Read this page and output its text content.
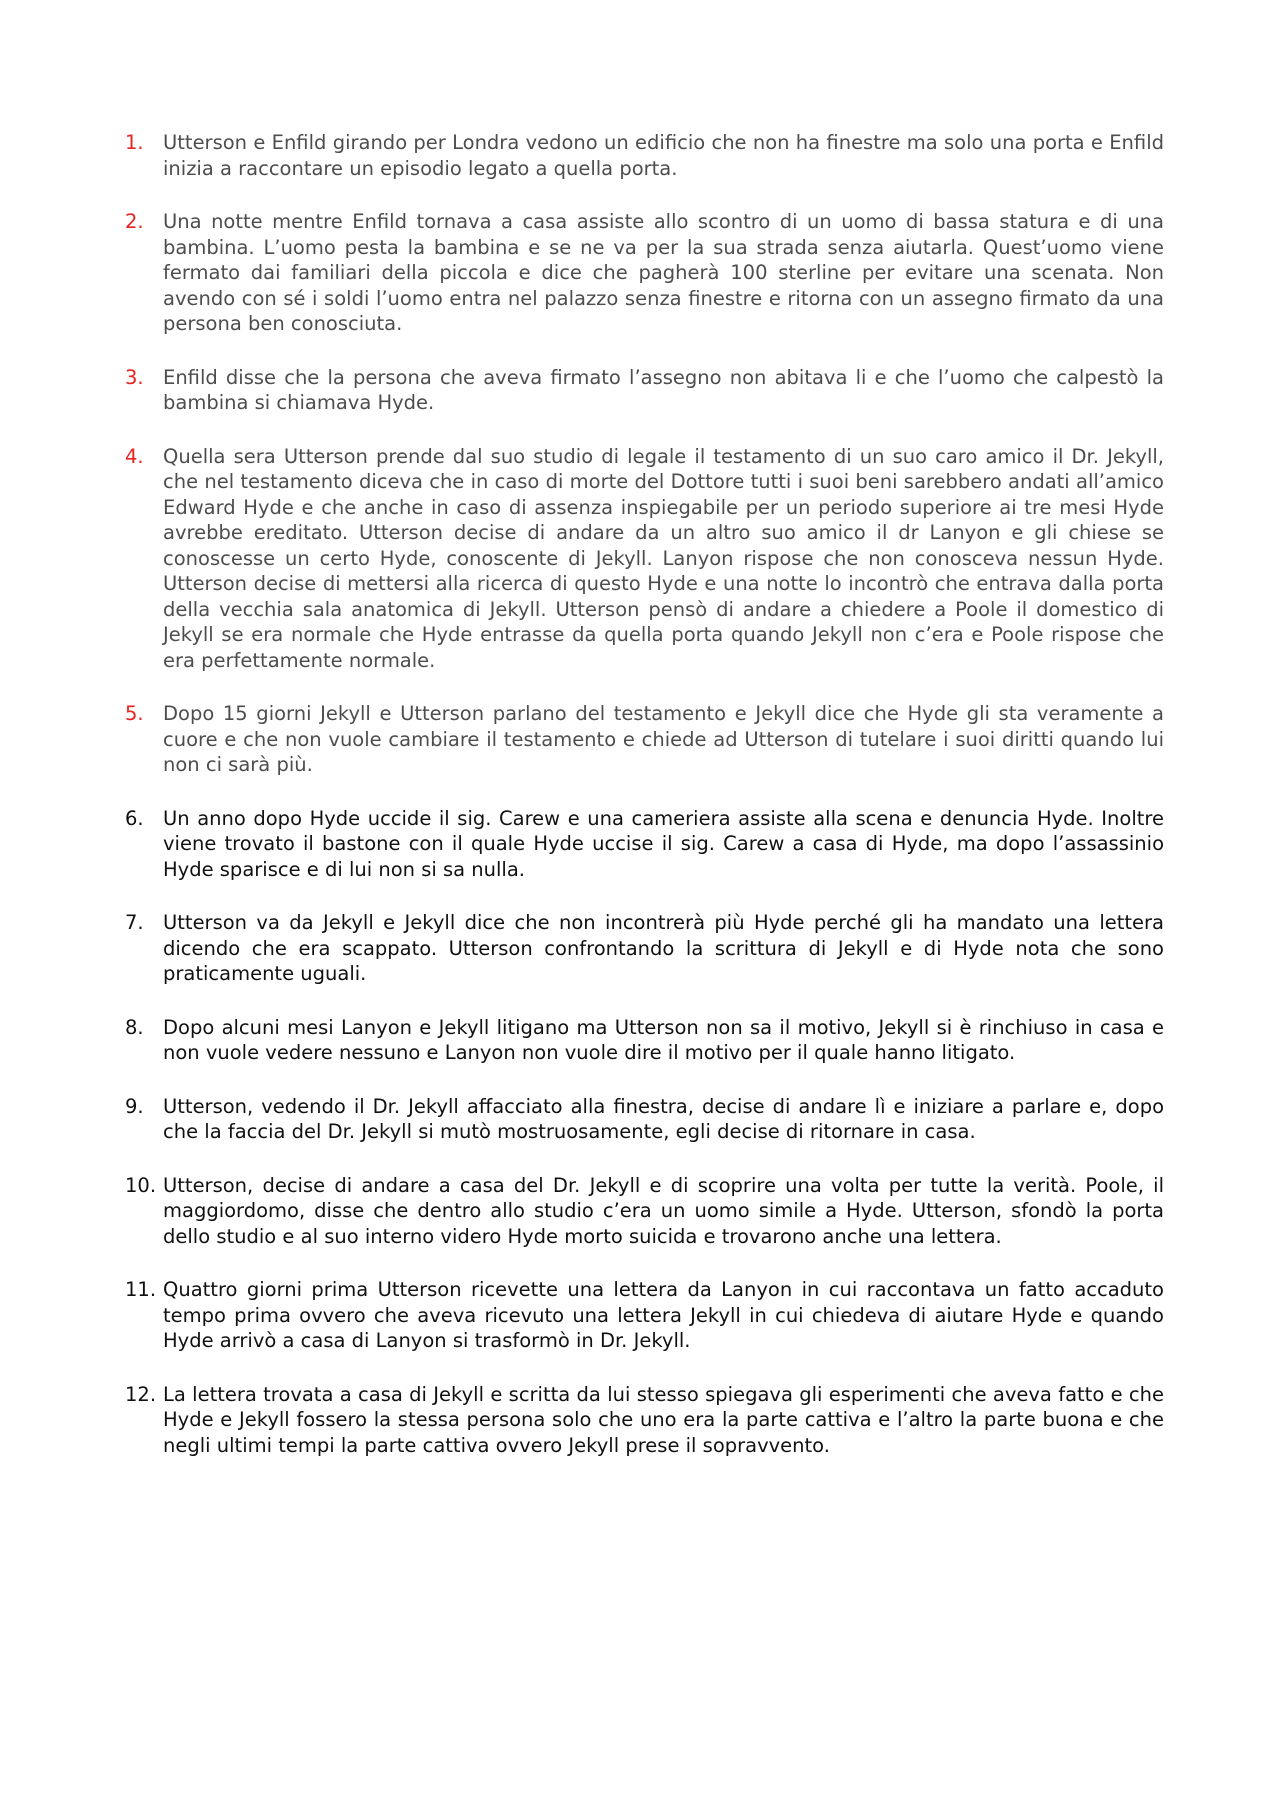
1. Utterson e Enfild girando per Londra vedono un edificio che non ha finestre ma solo una porta e Enfild inizia a raccontare un episodio legato a quella porta.

2. Una notte mentre Enfild tornava a casa assiste allo scontro di un uomo di bassa statura e di una bambina. L’uomo pesta la bambina e se ne va per la sua strada senza aiutarla. Quest’uomo viene fermato dai familiari della piccola e dice che pagherà 100 sterline per evitare una scenata. Non avendo con sé i soldi l’uomo entra nel palazzo senza finestre e ritorna con un assegno firmato da una persona ben conosciuta.

3. Enfild disse che la persona che aveva firmato l’assegno non abitava li e che l’uomo che calpestò la bambina si chiamava Hyde.

4. Quella sera Utterson prende dal suo studio di legale il testamento di un suo caro amico il Dr. Jekyll, che nel testamento diceva che in caso di morte del Dottore tutti i suoi beni sarebbero andati all’amico Edward Hyde e che anche in caso di assenza inspiegabile per un periodo superiore ai tre mesi Hyde avrebbe ereditato. Utterson decise di andare da un altro suo amico il dr Lanyon e gli chiese se conoscesse un certo Hyde, conoscente di Jekyll. Lanyon rispose che non conosceva nessun Hyde. Utterson decise di mettersi alla ricerca di questo Hyde e una notte lo incontrò che entrava dalla porta della vecchia sala anatomica di Jekyll. Utterson pensò di andare a chiedere a Poole il domestico di Jekyll se era normale che Hyde entrasse da quella porta quando Jekyll non c’era e Poole rispose che era perfettamente normale.

5. Dopo 15 giorni Jekyll e Utterson parlano del testamento e Jekyll dice che Hyde gli sta veramente a cuore e che non vuole cambiare il testamento e chiede ad Utterson di tutelare i suoi diritti quando lui non ci sarà più.

6. Un anno dopo Hyde uccide il sig. Carew e una cameriera assiste alla scena e denuncia Hyde. Inoltre viene trovato il bastone con il quale Hyde uccise il sig. Carew a casa di Hyde, ma dopo l’assassinio Hyde sparisce e di lui non si sa nulla.

7. Utterson va da Jekyll e Jekyll dice che non incontrerà più Hyde perché gli ha mandato una lettera dicendo che era scappato. Utterson confrontando la scrittura di Jekyll e di Hyde nota che sono praticamente uguali.

8. Dopo alcuni mesi Lanyon e Jekyll litigano ma Utterson non sa il motivo, Jekyll si è rinchiuso in casa e non vuole vedere nessuno e Lanyon non vuole dire il motivo per il quale hanno litigato.

9. Utterson, vedendo il Dr. Jekyll affacciato alla finestra, decise di andare lì e iniziare a parlare e, dopo che la faccia del Dr. Jekyll si mutò mostruosamente, egli decise di ritornare in casa.

10. Utterson, decise di andare a casa del Dr. Jekyll e di scoprire una volta per tutte la verità. Poole, il maggiordomo, disse che dentro allo studio c’era un uomo simile a Hyde. Utterson, sfondò la porta dello studio e al suo interno videro Hyde morto suicida e trovarono anche una lettera.

11. Quattro giorni prima Utterson ricevette una lettera da Lanyon in cui raccontava un fatto accaduto tempo prima ovvero che aveva ricevuto una lettera Jekyll in cui chiedeva di aiutare Hyde e quando Hyde arrivò a casa di Lanyon si trasformò in Dr. Jekyll.

12. La lettera trovata a casa di Jekyll e scritta da lui stesso spiegava gli esperimenti che aveva fatto e che Hyde e Jekyll fossero la stessa persona solo che uno era la parte cattiva e l’altro la parte buona e che negli ultimi tempi la parte cattiva ovvero Jekyll prese il sopravvento.
